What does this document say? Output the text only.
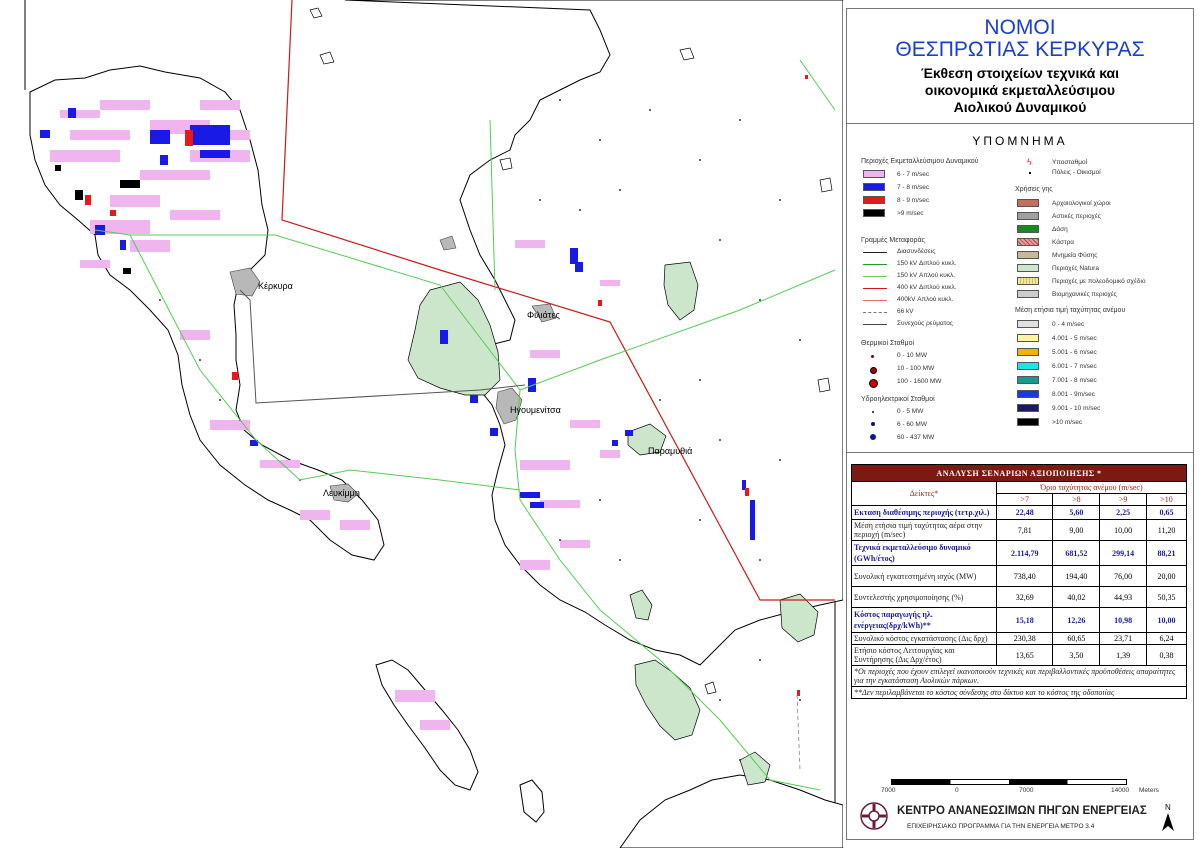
Κέρκυρα
Φιλιάτες
Ηγουμενίτσα
Παραμυθιά
Λευκίμμη
ΝΟΜΟΙ
ΘΕΣΠΡΩΤΙΑΣ ΚΕΡΚΥΡΑΣ
Έκθεση στοιχείων τεχνικά και
οικονομικά εκμεταλλεύσιμου
Αιολικού Δυναμικού
ΥΠΟΜΝΗΜΑ
Περιοχές Εκμεταλλεύσιμου Δυναμικού
6 - 7 m/sec
7 - 8 m/sec
8 - 9 m/sec
>9 m/sec
Γραμμές Μεταφοράς
Διασυνδέσεις
150 kV Διπλού κυκλ.
150 kV Απλού κυκλ.
400 kV Διπλού κυκλ.
400kV Απλού κυκλ.
66 kV
Συνεχούς ρεύματος
Θερμικοί Σταθμοί
0 - 10 MW
10 - 100 MW
100 - 1600 MW
Υδροηλεκτρικοί Σταθμοί
0 - 5 MW
6 - 60 MW
60 - 437 MW
ϟ	Υποσταθμοί
Πόλεις - Οικισμοί
Χρήσεις γης
Αρχαιολογικοί χώροι
Αστικές περιοχές
Δάση
Κάστρα
Μνημεία Φύσης
Περιοχές Natura
Περιοχές με πολεοδομικό σχέδιο
Βιομηχανικές περιοχές
Μέση ετήσια τιμή ταχύτητας ανέμου
0 - 4 m/sec
4.001 - 5 m/sec
5.001 - 6 m/sec
6.001 - 7 m/sec
7.001 - 8 m/sec
8.001 - 9m/sec
9.001 - 10 m/sec
>10 m/sec
ΑΝΑΛΥΣΗ ΣΕΝΑΡΙΩΝ ΑΞΙΟΠΟΙΗΣΗΣ *				
Δείκτες*	Όριο ταχύτητας ανέμου (m/sec)			
	>7	>8	>9	>10
Εκταση διαθέσιμης περιοχής (τετρ.χιλ.)	22,48	5,60	2,25	0,65
Μέση ετήσια τιμή ταχύτητας αέρα στην περιοχή (m/sec)	7,81	9,00	10,00	11,20
Τεχνικά εκμεταλλεύσιμο δυναμικό (GWh/έτος)	2.114,79	681,52	299,14	88,21
Συνολική εγκατεστημένη ισχύς (MW)	738,40	194,40	76,00	20,00
Συντελεστής χρησιμοποίησης (%)	32,69	40,02	44,93	50,35
Κόστος παραγωγής ηλ. ενέργειας(δρχ/kWh)**	15,18	12,26	10,98	10,00
Συνολικό κόστος εγκατάστασης (Δις δρχ)	230,38	60,65	23,71	6,24
Ετήσιο κόστος Λειτουργίας και Συντήρησης (Δις Δρχ/έτος)	13,65	3,50	1,39	0,38
*Οι περιοχές που έχουν επιλεγεί ικανοποιούν τεχνικές και περιβαλλοντικές προϋποθέσεις απαραίτητες για την εγκατάσταση Αιολικών πάρκων.				
**Δεν περιλαμβάνεται το κόστος σύνδεσης στο δίκτυο και το κόστος της οδοποιίας				
7000	0	7000	14000 Meters
ΚΕΝΤΡΟ ΑΝΑΝΕΩΣΙΜΩΝ ΠΗΓΩΝ ΕΝΕΡΓΕΙΑΣ
ΕΠΙΧΕΙΡΗΣΙΑΚΟ ΠΡΟΓΡΑΜΜΑ ΓΙΑ ΤΗΝ ΕΝΕΡΓΕΙΑ ΜΕΤΡΟ 3.4
N
